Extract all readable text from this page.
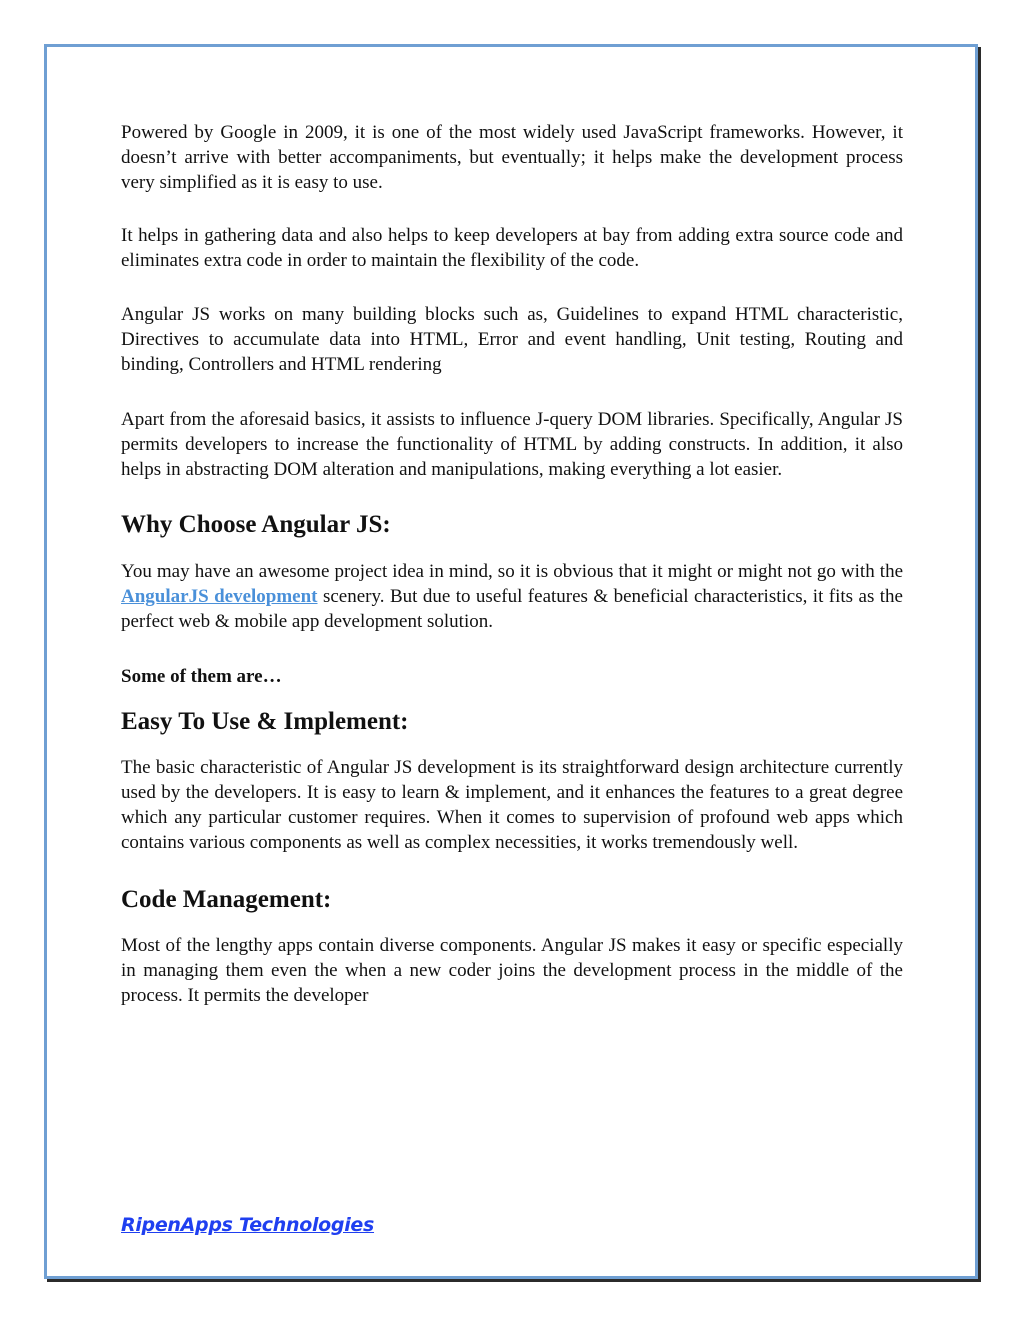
Powered by Google in 2009, it is one of the most widely used JavaScript frameworks. However, it doesn’t arrive with better accompaniments, but eventually; it helps make the development process very simplified as it is easy to use.

It helps in gathering data and also helps to keep developers at bay from adding extra source code and eliminates extra code in order to maintain the flexibility of the code.

Angular JS works on many building blocks such as, Guidelines to expand HTML characteristic, Directives to accumulate data into HTML, Error and event handling, Unit testing, Routing and binding, Controllers and HTML rendering

Apart from the aforesaid basics, it assists to influence J-query DOM libraries. Specifically, Angular JS permits developers to increase the functionality of HTML by adding constructs. In addition, it also helps in abstracting DOM alteration and manipulations, making everything a lot easier.

Why Choose Angular JS:

You may have an awesome project idea in mind, so it is obvious that it might or might not go with the AngularJS development scenery. But due to useful features & beneficial characteristics, it fits as the perfect web & mobile app development solution.

Some of them are…

Easy To Use & Implement:

The basic characteristic of Angular JS development is its straightforward design architecture currently used by the developers. It is easy to learn & implement, and it enhances the features to a great degree which any particular customer requires. When it comes to supervision of profound web apps which contains various components as well as complex necessities, it works tremendously well.

Code Management:

Most of the lengthy apps contain diverse components. Angular JS makes it easy or specific especially in managing them even the when a new coder joins the development process in the middle of the process. It permits the developer

RipenApps Technologies
